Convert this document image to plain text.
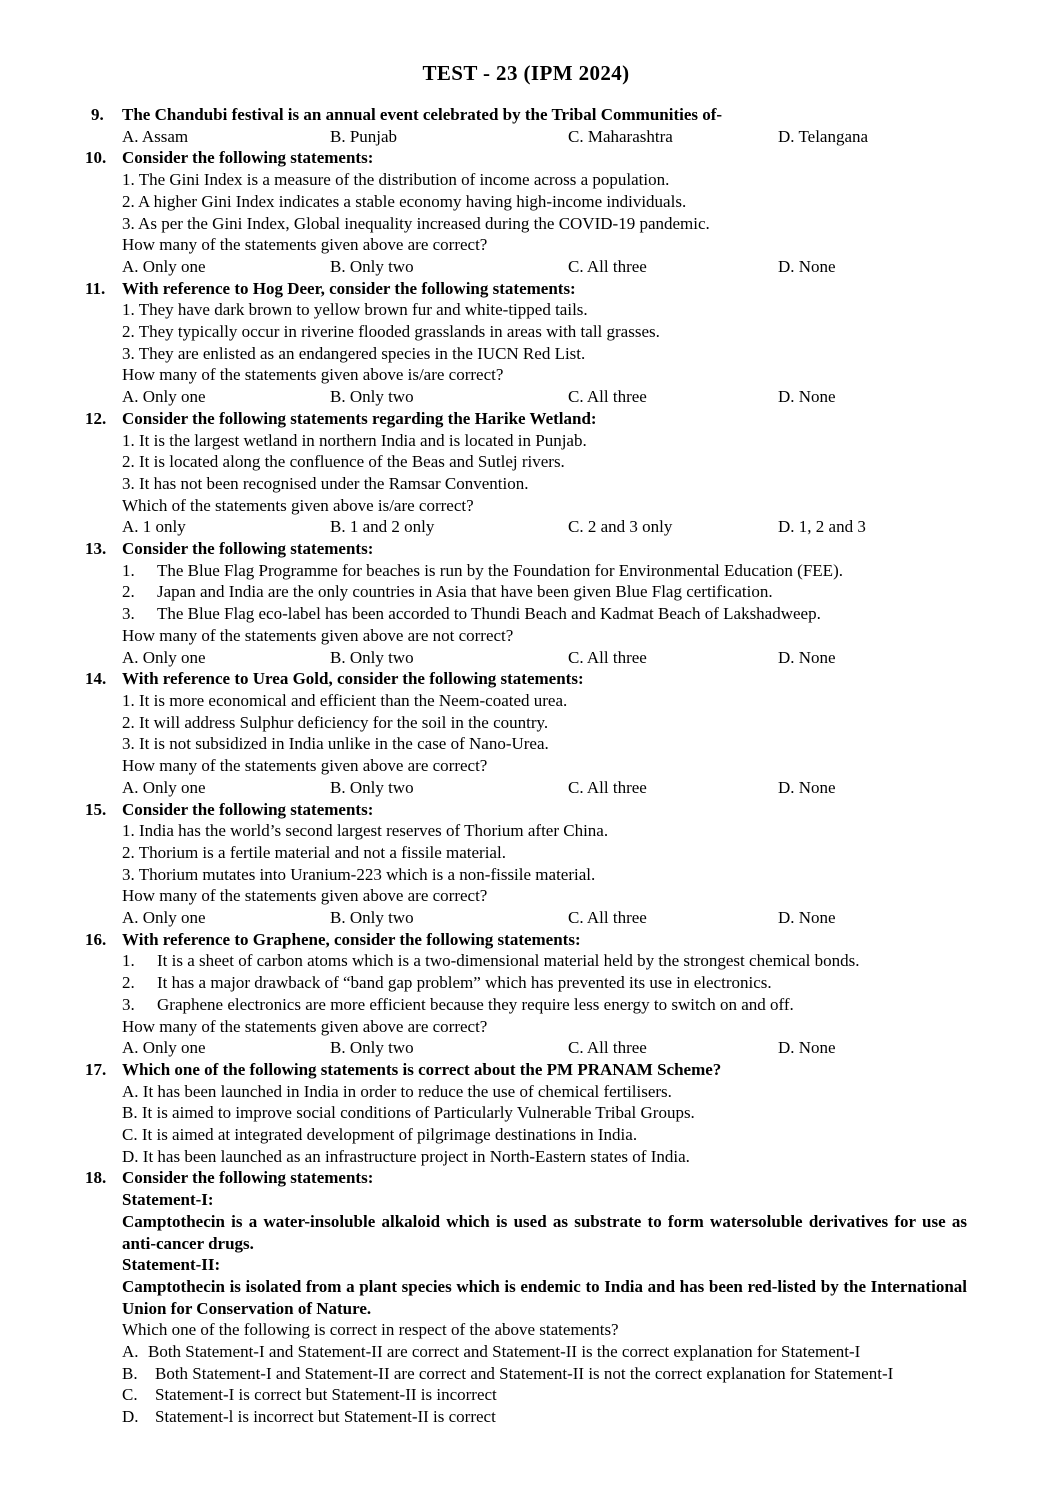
TEST - 23 (IPM 2024)
9.	The Chandubi festival is an annual event celebrated by the Tribal Communities of-
A. Assam	B. Punjab	C. Maharashtra	D. Telangana
10. Consider the following statements:
1. The Gini Index is a measure of the distribution of income across a population.
2. A higher Gini Index indicates a stable economy having high-income individuals.
3. As per the Gini Index, Global inequality increased during the COVID-19 pandemic.
How many of the statements given above are correct?
A. Only one	B. Only two	C. All three	D. None
11. With reference to Hog Deer, consider the following statements:
1. They have dark brown to yellow brown fur and white-tipped tails.
2. They typically occur in riverine flooded grasslands in areas with tall grasses.
3. They are enlisted as an endangered species in the IUCN Red List.
How many of the statements given above is/are correct?
A. Only one	B. Only two	C. All three	D. None
12. Consider the following statements regarding the Harike Wetland:
1. It is the largest wetland in northern India and is located in Punjab.
2. It is located along the confluence of the Beas and Sutlej rivers.
3. It has not been recognised under the Ramsar Convention.
Which of the statements given above is/are correct?
A. 1 only	B. 1 and 2 only	C. 2 and 3 only	D. 1, 2 and 3
13. Consider the following statements:
1.	The Blue Flag Programme for beaches is run by the Foundation for Environmental Education (FEE).
2.	Japan and India are the only countries in Asia that have been given Blue Flag certification.
3.	The Blue Flag eco-label has been accorded to Thundi Beach and Kadmat Beach of Lakshadweep.
How many of the statements given above are not correct?
A. Only one	B. Only two	C. All three	D. None
14. With reference to Urea Gold, consider the following statements:
1. It is more economical and efficient than the Neem-coated urea.
2. It will address Sulphur deficiency for the soil in the country.
3. It is not subsidized in India unlike in the case of Nano-Urea.
How many of the statements given above are correct?
A. Only one	B. Only two	C. All three	D. None
15. Consider the following statements:
1. India has the world’s second largest reserves of Thorium after China.
2. Thorium is a fertile material and not a fissile material.
3. Thorium mutates into Uranium-223 which is a non-fissile material.
How many of the statements given above are correct?
A. Only one	B. Only two	C. All three	D. None
16. With reference to Graphene, consider the following statements:
1.	It is a sheet of carbon atoms which is a two-dimensional material held by the strongest chemical bonds.
2.	It has a major drawback of “band gap problem” which has prevented its use in electronics.
3.	Graphene electronics are more efficient because they require less energy to switch on and off.
How many of the statements given above are correct?
A. Only one	B. Only two	C. All three	D. None
17. Which one of the following statements is correct about the PM PRANAM Scheme?
A. It has been launched in India in order to reduce the use of chemical fertilisers.
B. It is aimed to improve social conditions of Particularly Vulnerable Tribal Groups.
C. It is aimed at integrated development of pilgrimage destinations in India.
D. It has been launched as an infrastructure project in North-Eastern states of India.
18. Consider the following statements:
Statement-I:
Camptothecin is a water-insoluble alkaloid which is used as substrate to form watersoluble derivatives for use as anti-cancer drugs.
Statement-II:
Camptothecin is isolated from a plant species which is endemic to India and has been red-listed by the International Union for Conservation of Nature.
Which one of the following is correct in respect of the above statements?
A. Both Statement-I and Statement-II are correct and Statement-II is the correct explanation for Statement-I
B.	Both Statement-I and Statement-II are correct and Statement-II is not the correct explanation for Statement-I
C.	Statement-I is correct but Statement-II is incorrect
D. Statement-l is incorrect but Statement-II is correct
